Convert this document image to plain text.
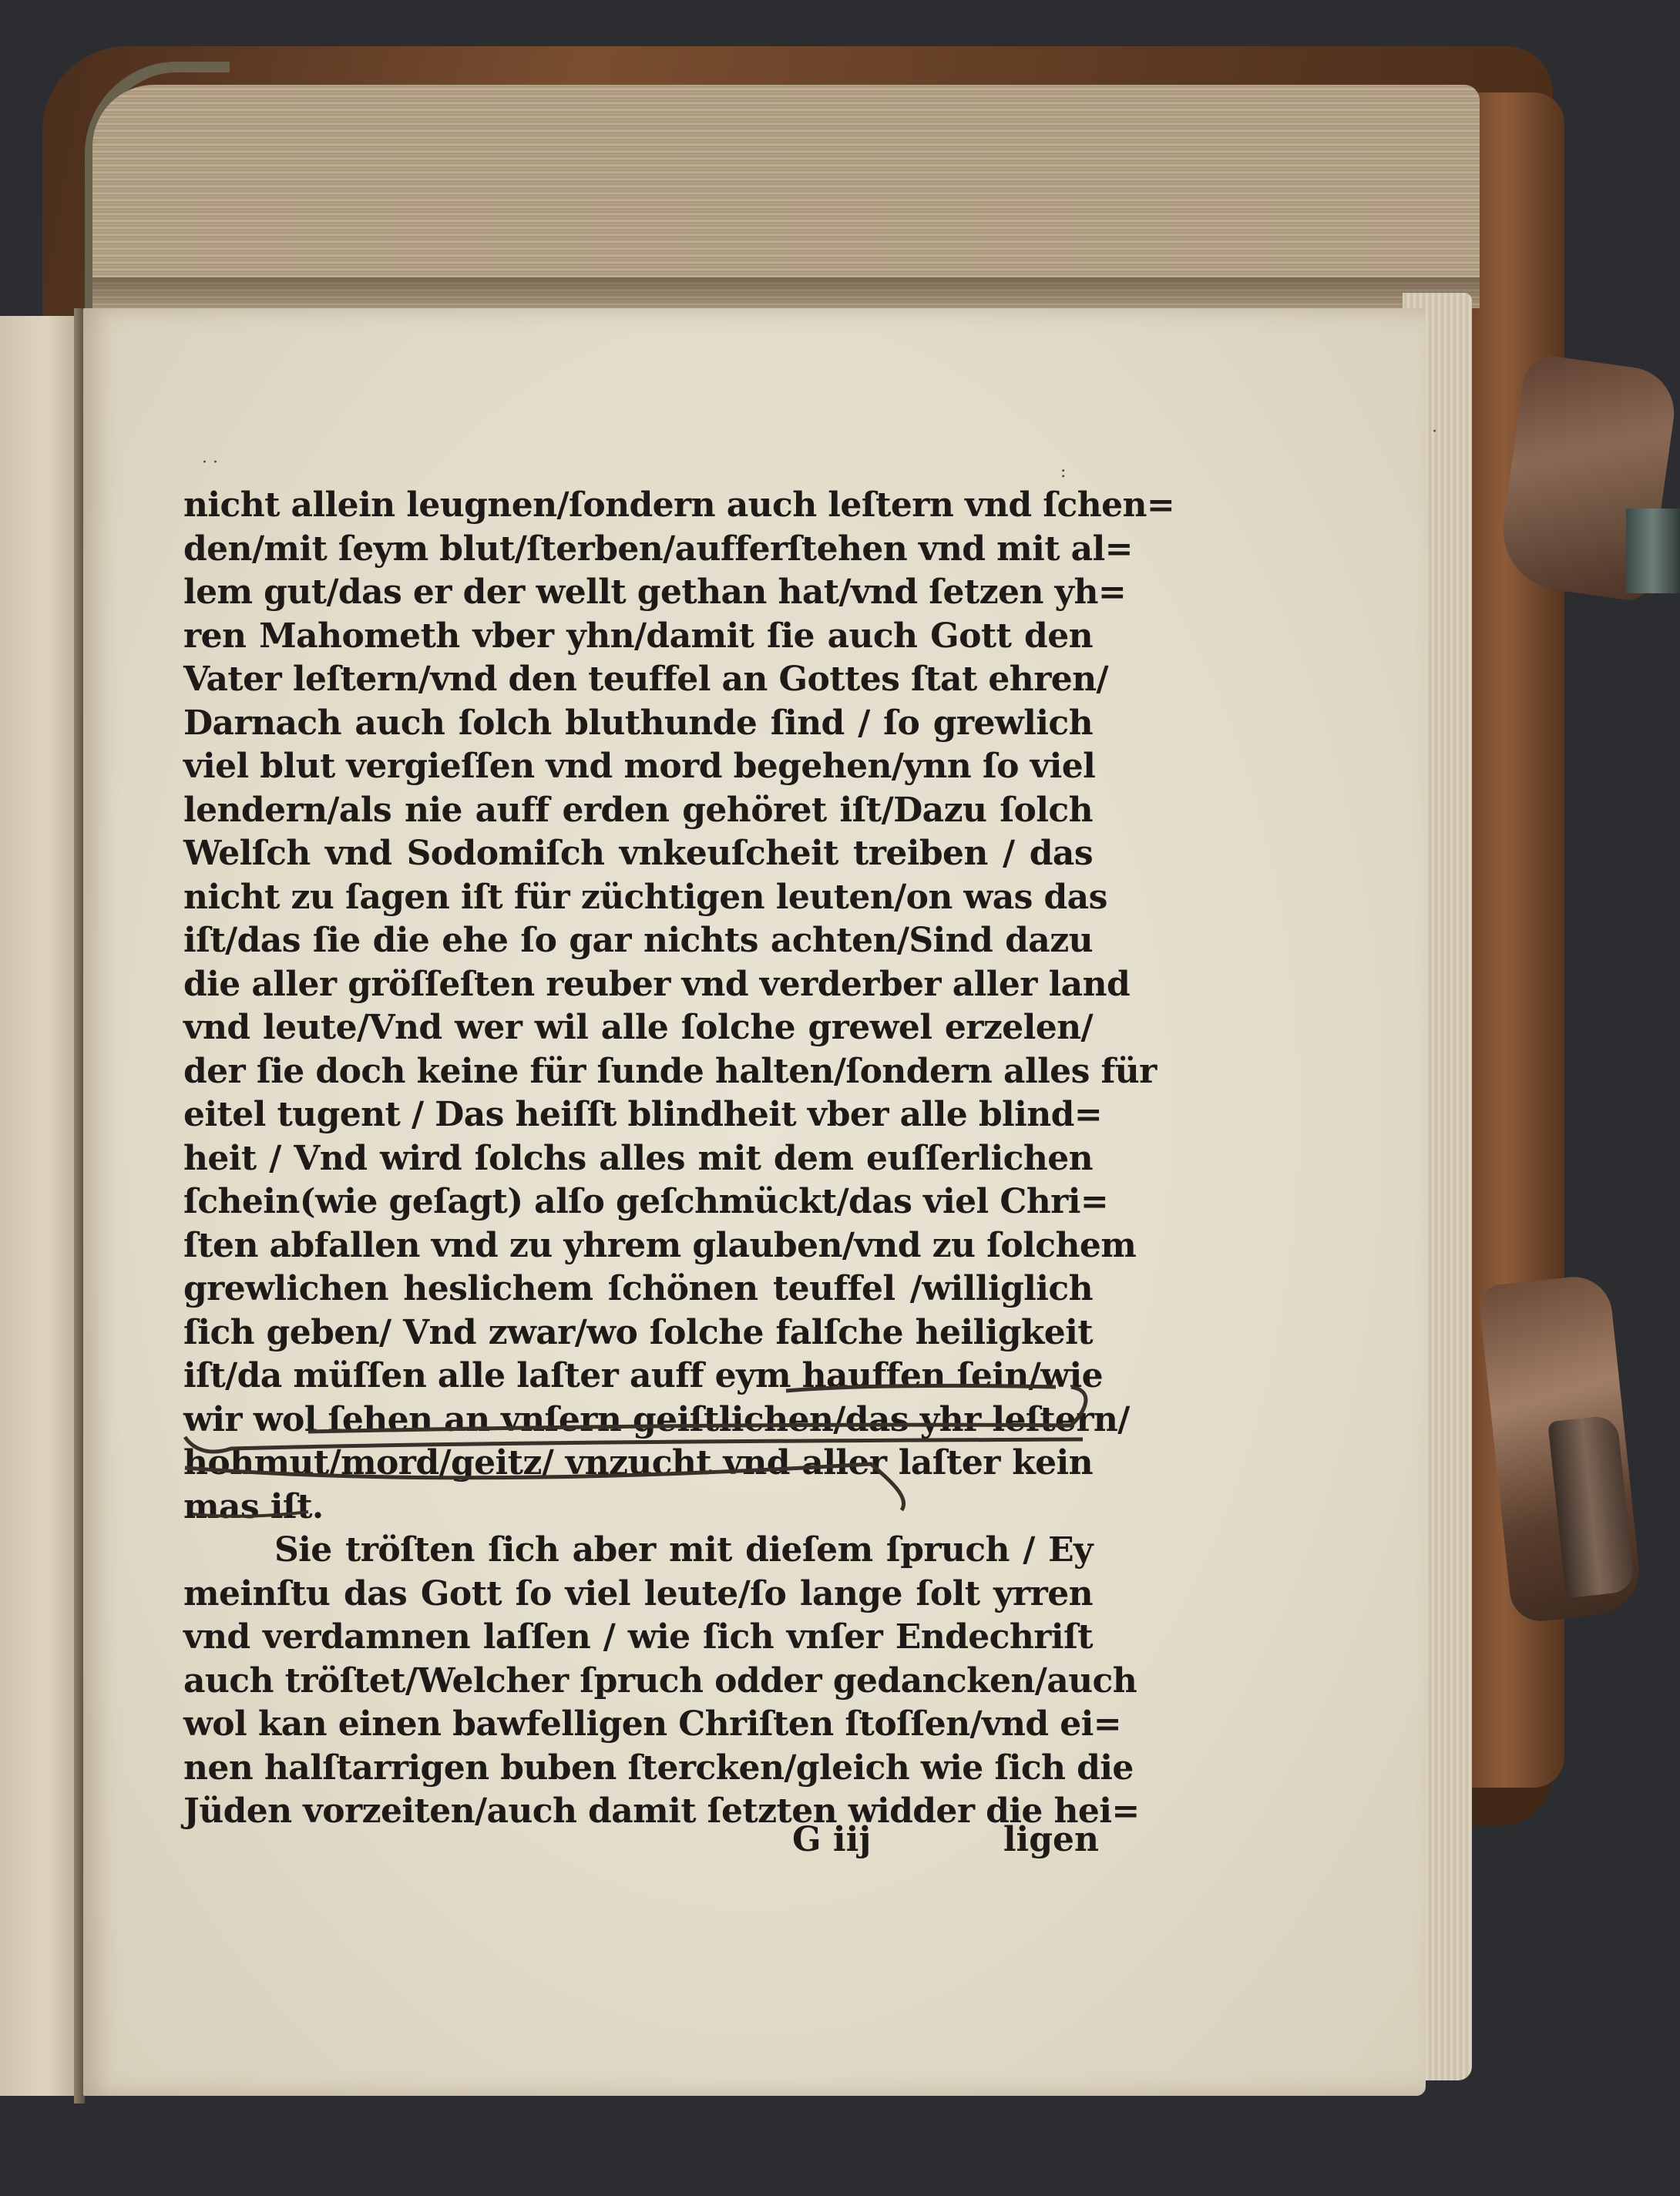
nicht allein leugnen/ſondern auch leſtern vnd ſchen=
den/mit ſeym blut/ſterben/aufferſtehen vnd mit al=
lem gut/das er der wellt gethan hat/vnd ſetzen yh=
ren Mahometh vber yhn/damit ſie auch Gott den
Vater leſtern/vnd den teuffel an Gottes ſtat ehren/
Darnach auch ſolch bluthunde ſind / ſo grewlich
viel blut vergieſſen vnd mord begehen/ynn ſo viel
lendern/als nie auff erden gehöret iſt/Dazu ſolch
Welſch vnd Sodomiſch vnkeuſcheit treiben / das
nicht zu ſagen iſt für züchtigen leuten/on was das
iſt/das ſie die ehe ſo gar nichts achten/Sind dazu
die aller gröſſeſten reuber vnd verderber aller land
vnd leute/Vnd wer wil alle ſolche grewel erzelen/
der ſie doch keine für ſunde halten/ſondern alles für
eitel tugent / Das heiſſt blindheit vber alle blind=
heit / Vnd wird ſolchs alles mit dem euſſerlichen
ſchein(wie geſagt) alſo geſchmückt/das viel Chri=
ſten abfallen vnd zu yhrem glauben/vnd zu ſolchem
grewlichen heslichem ſchönen teuffel /williglich
ſich geben/ Vnd zwar/wo ſolche falſche heiligkeit
iſt/da müſſen alle laſter auff eym hauffen ſein/wie
wir wol ſehen an vnſern geiſtlichen/das yhr leſtern/
hohmut/mord/geitz/ vnzucht vnd aller laſter kein
mas iſt.
Sie tröſten ſich aber mit dieſem ſpruch / Ey
meinſtu das Gott ſo viel leute/ſo lange ſolt yrren
vnd verdamnen laſſen / wie ſich vnſer Endechriſt
auch tröſtet/Welcher ſpruch odder gedancken/auch
wol kan einen bawfelligen Chriſten ſtoſſen/vnd ei=
nen halſtarrigen buben ſtercken/gleich wie ſich die
Jüden vorzeiten/auch damit ſetzten widder die hei=
G iij	ligen
· ·	:
·
